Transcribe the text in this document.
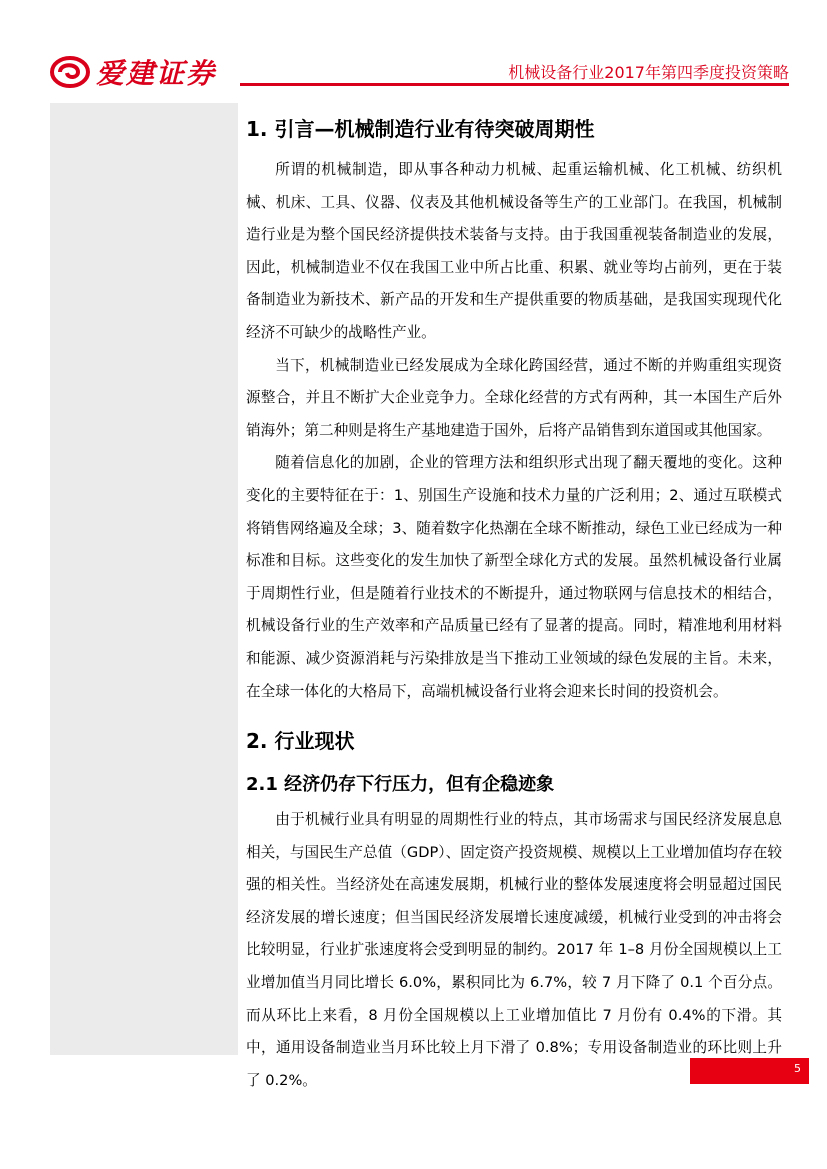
爱建证券	机械设备行业2017年第四季度投资策略
1. 引言—机械制造行业有待突破周期性

所谓的机械制造，即从事各种动力机械、起重运输机械、化工机械、纺织机械、机床、工具、仪器、仪表及其他机械设备等生产的工业部门。在我国，机械制造行业是为整个国民经济提供技术装备与支持。由于我国重视装备制造业的发展，因此，机械制造业不仅在我国工业中所占比重、积累、就业等均占前列，更在于装备制造业为新技术、新产品的开发和生产提供重要的物质基础，是我国实现现代化经济不可缺少的战略性产业。

当下，机械制造业已经发展成为全球化跨国经营，通过不断的并购重组实现资源整合，并且不断扩大企业竞争力。全球化经营的方式有两种，其一本国生产后外销海外；第二种则是将生产基地建造于国外，后将产品销售到东道国或其他国家。

随着信息化的加剧，企业的管理方法和组织形式出现了翻天覆地的变化。这种变化的主要特征在于：1、别国生产设施和技术力量的广泛利用；2、通过互联模式将销售网络遍及全球；3、随着数字化热潮在全球不断推动，绿色工业已经成为一种标准和目标。这些变化的发生加快了新型全球化方式的发展。虽然机械设备行业属于周期性行业，但是随着行业技术的不断提升，通过物联网与信息技术的相结合，机械设备行业的生产效率和产品质量已经有了显著的提高。同时，精准地利用材料和能源、减少资源消耗与污染排放是当下推动工业领域的绿色发展的主旨。未来，在全球一体化的大格局下，高端机械设备行业将会迎来长时间的投资机会。

2. 行业现状
2.1 经济仍存下行压力，但有企稳迹象

由于机械行业具有明显的周期性行业的特点，其市场需求与国民经济发展息息相关，与国民生产总值（GDP）、固定资产投资规模、规模以上工业增加值均存在较强的相关性。当经济处在高速发展期，机械行业的整体发展速度将会明显超过国民经济发展的增长速度；但当国民经济发展增长速度减缓，机械行业受到的冲击将会比较明显，行业扩张速度将会受到明显的制约。2017 年 1–8 月份全国规模以上工业增加值当月同比增长 6.0%，累积同比为 6.7%，较 7 月下降了 0.1 个百分点。而从环比上来看，8 月份全国规模以上工业增加值比 7 月份有 0.4%的下滑。其中，通用设备制造业当月环比较上月下滑了 0.8%；专用设备制造业的环比则上升了 0.2%。

5
